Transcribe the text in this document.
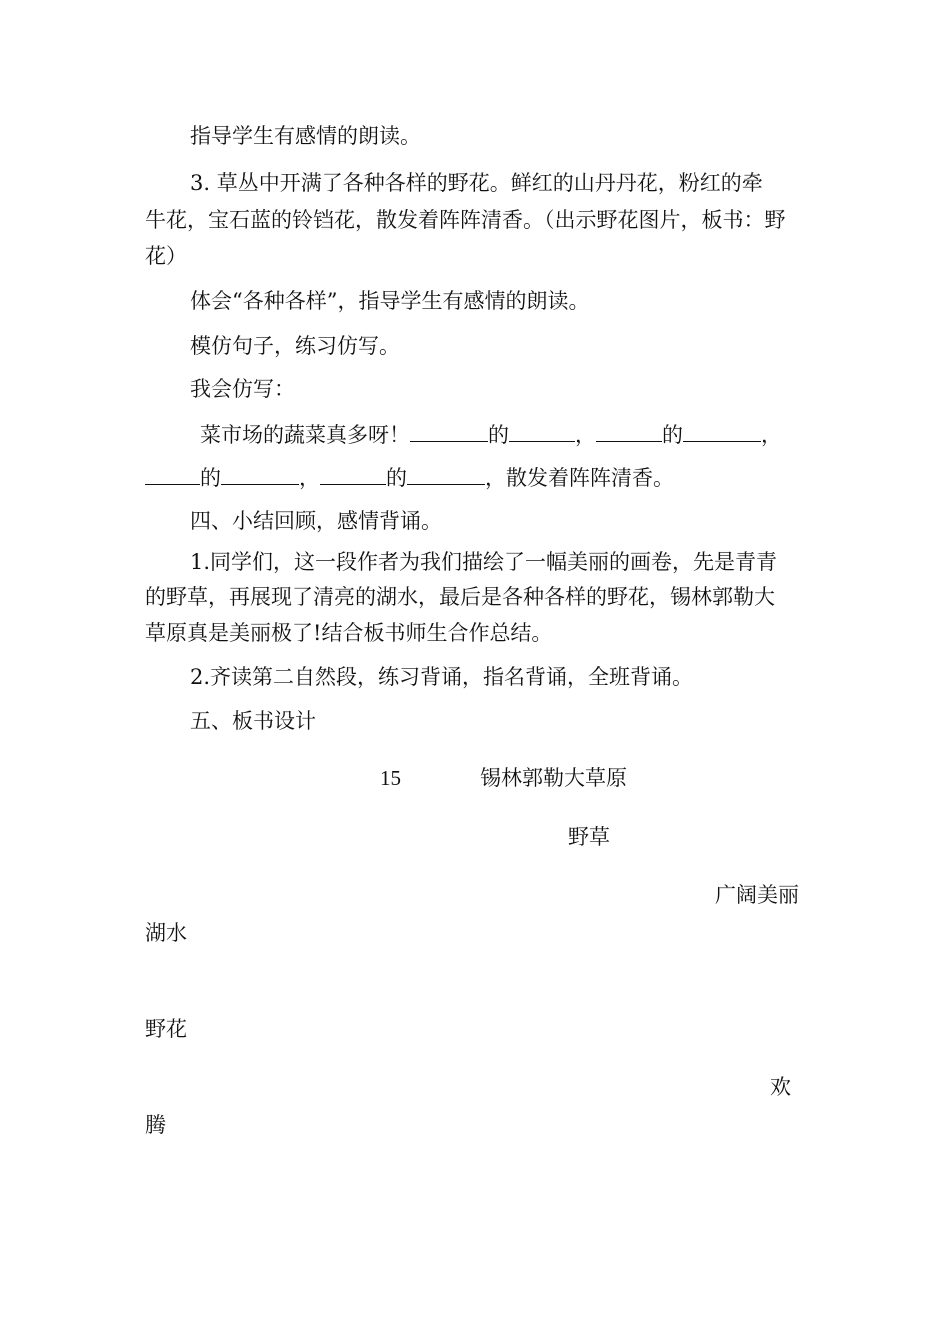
指导学生有感情的朗读。

3. 草丛中开满了各种各样的野花。鲜红的山丹丹花，粉红的牵

牛花，宝石蓝的铃铛花，散发着阵阵清香。（出示野花图片，板书：野

花）

体会“各种各样”，指导学生有感情的朗读。

模仿句子，练习仿写。

我会仿写：

菜市场的蔬菜真多呀！	的	，	的	，

的	，	的	，散发着阵阵清香。

四、小结回顾，感情背诵。

1.同学们，这一段作者为我们描绘了一幅美丽的画卷，先是青青

的野草，再展现了清亮的湖水，最后是各种各样的野花，锡林郭勒大

草原真是美丽极了!结合板书师生合作总结。

2.齐读第二自然段，练习背诵，指名背诵，全班背诵。

五、板书设计

15	锡林郭勒大草原

野草

广阔美丽

湖水

野花

欢

腾
